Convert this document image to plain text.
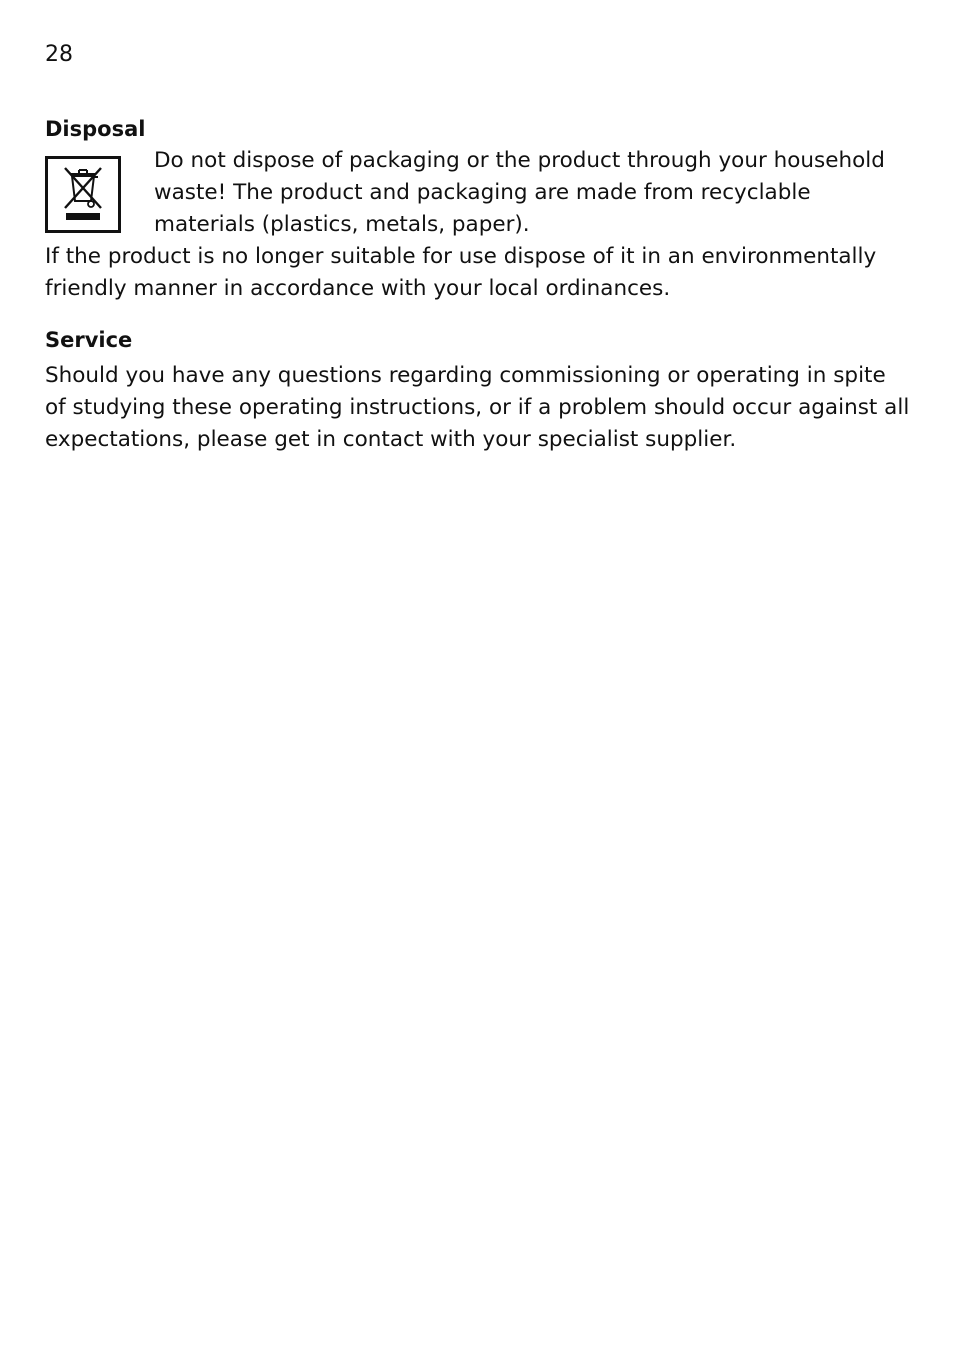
28
Disposal
Do not dispose of packaging or the product through your household
waste! The product and packaging are made from recyclable
materials (plastics, metals, paper).
If the product is no longer suitable for use dispose of it in an environmentally
friendly manner in accordance with your local ordinances.
Service
Should you have any questions regarding commissioning or operating in spite
of studying these operating instructions, or if a problem should occur against all
expectations, please get in contact with your specialist supplier.
